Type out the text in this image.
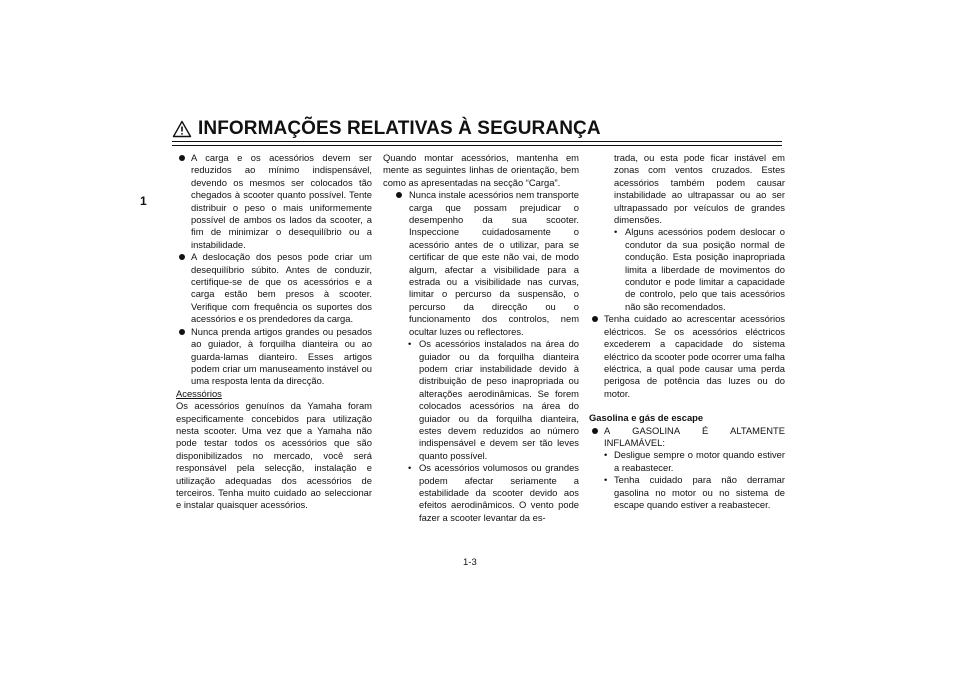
INFORMAÇÕES RELATIVAS À SEGURANÇA
1

A carga e os acessórios devem ser reduzidos ao mínimo indispensável, devendo os mesmos ser colocados tão chegados à scooter quanto possível. Tente distribuir o peso o mais uniformemente possível de ambos os lados da scooter, a fim de minimizar o desequilíbrio ou a instabilidade.

A deslocação dos pesos pode criar um desequilíbrio súbito. Antes de conduzir, certifique-se de que os acessórios e a carga estão bem presos à scooter. Verifique com frequência os suportes dos acessórios e os prendedores da carga.

Nunca prenda artigos grandes ou pesados ao guiador, à forquilha dianteira ou ao guarda-lamas dianteiro. Esses artigos podem criar um manuseamento instável ou uma resposta lenta da direcção.

Acessórios

Os acessórios genuínos da Yamaha foram especificamente concebidos para utilização nesta scooter. Uma vez que a Yamaha não pode testar todos os acessórios que são disponibilizados no mercado, você será responsável pela selecção, instalação e utilização adequadas dos acessórios de terceiros. Tenha muito cuidado ao seleccionar e instalar quaisquer acessórios.

Quando montar acessórios, mantenha em mente as seguintes linhas de orientação, bem como as apresentadas na secção “Carga”.

Nunca instale acessórios nem transporte carga que possam prejudicar o desempenho da sua scooter. Inspeccione cuidadosamente o acessório antes de o utilizar, para se certificar de que este não vai, de modo algum, afectar a visibilidade para a estrada ou a visibilidade nas curvas, limitar o percurso da suspensão, o percurso da direcção ou o funcionamento dos controlos, nem ocultar luzes ou reflectores.

• Os acessórios instalados na área do guiador ou da forquilha dianteira podem criar instabilidade devido à distribuição de peso inapropriada ou alterações aerodinâmicas. Se forem colocados acessórios na área do guiador ou da forquilha dianteira, estes devem reduzidos ao número indispensável e devem ser tão leves quanto possível.

• Os acessórios volumosos ou grandes podem afectar seriamente a estabilidade da scooter devido aos efeitos aerodinâmicos. O vento pode fazer a scooter levantar da es-

trada, ou esta pode ficar instável em zonas com ventos cruzados. Estes acessórios também podem causar instabilidade ao ultrapassar ou ao ser ultrapassado por veículos de grandes dimensões.

• Alguns acessórios podem deslocar o condutor da sua posição normal de condução. Esta posição inapropriada limita a liberdade de movimentos do condutor e pode limitar a capacidade de controlo, pelo que tais acessórios não são recomendados.

Tenha cuidado ao acrescentar acessórios eléctricos. Se os acessórios eléctricos excederem a capacidade do sistema eléctrico da scooter pode ocorrer uma falha eléctrica, a qual pode causar uma perda perigosa de potência das luzes ou do motor.

Gasolina e gás de escape

A GASOLINA É ALTAMENTE INFLAMÁVEL:

• Desligue sempre o motor quando estiver a reabastecer.

• Tenha cuidado para não derramar gasolina no motor ou no sistema de escape quando estiver a reabastecer.

1-3
